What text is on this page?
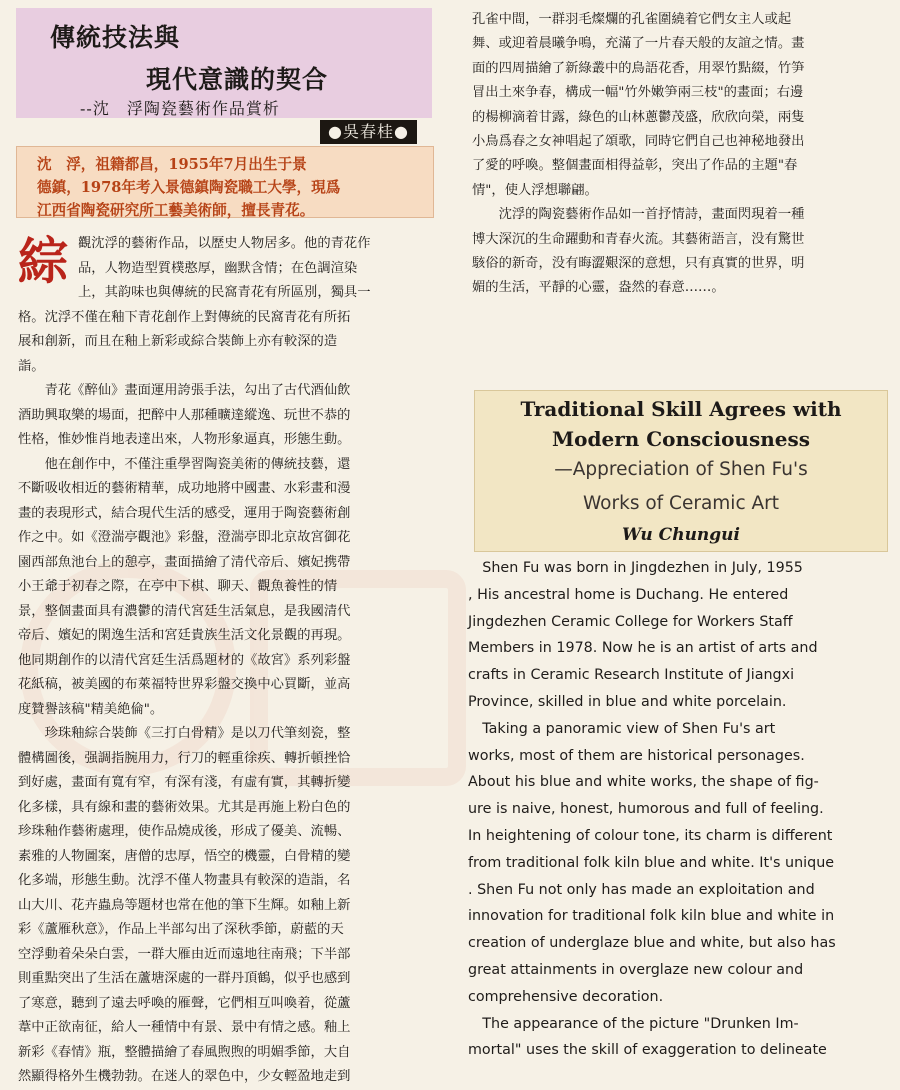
傳統技法與
現代意識的契合
--沈　浮陶瓷藝術作品賞析
●吳春桂●
沈　浮，祖籍都昌，1955年7月出生于景
德鎮，1978年考入景德鎮陶瓷職工大學，現爲
江西省陶瓷研究所工藝美術師，擅長青花。
綜 觀沈浮的藝術作品，以歷史人物居多。他的青花作
品，人物造型質樸憨厚，幽默含情；在色調渲染
上，其韵味也與傳統的民窩青花有所區別，獨具一
格。沈浮不僅在釉下青花創作上對傳統的民窩青花有所拓
展和創新，而且在釉上新彩或綜合裝飾上亦有較深的造
詣。
　　青花《醉仙》畫面運用誇張手法，勾出了古代酒仙飲
酒助興取樂的場面，把醉中人那種曠達縱逸、玩世不恭的
性格，惟妙惟肖地表達出來，人物形象逼真，形態生動。
　　他在創作中，不僅注重學習陶瓷美術的傳統技藝，還
不斷吸收相近的藝術精華，成功地將中國畫、水彩畫和漫
畫的表現形式，結合現代生活的感受，運用于陶瓷藝術創
作之中。如《澄湍亭觀池》彩盤，澄湍亭即北京故宮御花
園西部魚池台上的憩亭，畫面描繪了清代帝后、嬪妃携帶
小王爺于初春之際，在亭中下棋、聊天、觀魚養性的情
景，整個畫面具有濃鬱的清代宮廷生活氣息，是我國清代
帝后、嬪妃的閑逸生活和宮廷貴族生活文化景觀的再現。
他同期創作的以清代宮廷生活爲題材的《故宮》系列彩盤
花紙稿，被美國的布萊福特世界彩盤交換中心買斷，並高
度贊譽該稿"精美絶倫"。
　　珍珠釉綜合裝飾《三打白骨精》是以刀代筆刻瓷，整
體構圖後，强調指腕用力，行刀的輕重徐疾、轉折頓挫恰
到好處，畫面有寬有窄，有深有淺，有虛有實，其轉折變
化多樣，具有線和畫的藝術效果。尤其是再施上粉白色的
珍珠釉作藝術處理，使作品燒成後，形成了優美、流暢、
素雅的人物圖案，唐僧的忠厚，悟空的機靈，白骨精的變
化多端，形態生動。沈浮不僅人物畫具有較深的造詣，名
山大川、花卉蟲鳥等題材也常在他的筆下生輝。如釉上新
彩《蘆雁秋意》，作品上半部勾出了深秋季節，蔚藍的天
空浮動着朵朵白雲，一群大雁由近而遠地往南飛；下半部
則重點突出了生活在蘆塘深處的一群丹頂鶴，似乎也感到
了寒意，聽到了遠去呼喚的雁聲，它們相互叫喚着，從蘆
葦中正欲南征，給人一種情中有景、景中有情之感。釉上
新彩《春情》瓶，整體描繪了春風煦煦的明媚季節，大自
然顯得格外生機勃勃。在迷人的翠色中，少女輕盈地走到
孔雀中間，一群羽毛燦爛的孔雀圍繞着它們女主人或起
舞、或迎着晨曦争鳴，充滿了一片春天般的友誼之情。畫
面的四周描繪了新綠叢中的鳥語花香，用翠竹點綴，竹笋
冒出土來争春，構成一幅"竹外嫩笋兩三枝"的畫面；右邊
的楊柳滴着甘露，綠色的山林蔥鬱茂盛，欣欣向榮，兩隻
小鳥爲春之女神唱起了頌歌，同時它們自己也神秘地發出
了愛的呼喚。整個畫面相得益彰，突出了作品的主題"春
情"，使人浮想聯翩。
　　沈浮的陶瓷藝術作品如一首抒情詩，畫面閃現着一種
博大深沉的生命躍動和青春火流。其藝術語言，没有驚世
駭俗的新奇，没有晦澀艱深的意想，只有真實的世界，明
媚的生活，平靜的心靈，盎然的春意……。
Traditional Skill Agrees with
Modern Consciousness
—Appreciation of Shen Fu's
Works of Ceramic Art
Wu Chungui
　Shen Fu was born in Jingdezhen in July, 1955
, His ancestral home is Duchang. He entered
Jingdezhen Ceramic College for Workers Staff
Members in 1978. Now he is an artist of arts and
crafts in Ceramic Research Institute of Jiangxi
Province, skilled in blue and white porcelain.
　Taking a panoramic view of Shen Fu's art
works, most of them are historical personages.
About his blue and white works, the shape of fig-
ure is naive, honest, humorous and full of feeling.
In heightening of colour tone, its charm is different
from traditional folk kiln blue and white. It's unique
. Shen Fu not only has made an exploitation and
innovation for traditional folk kiln blue and white in
creation of underglaze blue and white, but also has
great attainments in overglaze new colour and
comprehensive decoration.
　The appearance of the picture "Drunken Im-
mortal" uses the skill of exaggeration to delineate
